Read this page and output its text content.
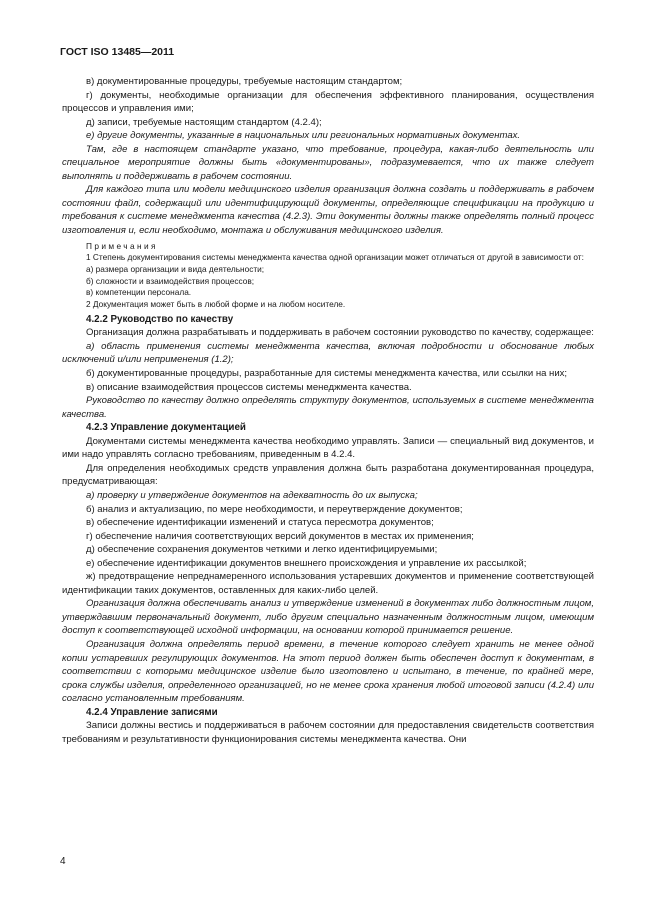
ГОСТ ISO 13485—2011

в) документированные процедуры, требуемые настоящим стандартом;

г) документы, необходимые организации для обеспечения эффективного планирования, осуществления процессов и управления ими;

д) записи, требуемые настоящим стандартом (4.2.4);

е) другие документы, указанные в национальных или региональных нормативных документах.

Там, где в настоящем стандарте указано, что требование, процедура, какая-либо деятельность или специальное мероприятие должны быть «документированы», подразумевается, что их также следует выполнять и поддерживать в рабочем состоянии.

Для каждого типа или модели медицинского изделия организация должна создать и поддерживать в рабочем состоянии файл, содержащий или идентифицирующий документы, определяющие спецификации на продукцию и требования к системе менеджмента качества (4.2.3). Эти документы должны также определять полный процесс изготовления и, если необходимо, монтажа и обслуживания медицинского изделия.

Примечания

1 Степень документирования системы менеджмента качества одной организации может отличаться от другой в зависимости от:

а) размера организации и вида деятельности;

б) сложности и взаимодействия процессов;

в) компетенции персонала.

2 Документация может быть в любой форме и на любом носителе.

4.2.2 Руководство по качеству

Организация должна разрабатывать и поддерживать в рабочем состоянии руководство по качеству, содержащее:

а) область применения системы менеджмента качества, включая подробности и обоснование любых исключений и/или неприменения (1.2);

б) документированные процедуры, разработанные для системы менеджмента качества, или ссылки на них;

в) описание взаимодействия процессов системы менеджмента качества.

Руководство по качеству должно определять структуру документов, используемых в системе менеджмента качества.

4.2.3 Управление документацией

Документами системы менеджмента качества необходимо управлять. Записи — специальный вид документов, и ими надо управлять согласно требованиям, приведенным в 4.2.4.

Для определения необходимых средств управления должна быть разработана документированная процедура, предусматривающая:

а) проверку и утверждение документов на адекватность до их выпуска;

б) анализ и актуализацию, по мере необходимости, и переутверждение документов;

в) обеспечение идентификации изменений и статуса пересмотра документов;

г) обеспечение наличия соответствующих версий документов в местах их применения;

д) обеспечение сохранения документов четкими и легко идентифицируемыми;

е) обеспечение идентификации документов внешнего происхождения и управление их рассылкой;

ж) предотвращение непреднамеренного использования устаревших документов и применение соответствующей идентификации таких документов, оставленных для каких-либо целей.

Организация должна обеспечивать анализ и утверждение изменений в документах либо должностным лицом, утверждавшим первоначальный документ, либо другим специально назначенным должностным лицом, имеющим доступ к соответствующей исходной информации, на основании которой принимается решение.

Организация должна определять период времени, в течение которого следует хранить не менее одной копии устаревших регулирующих документов. На этот период должен быть обеспечен доступ к документам, в соответствии с которыми медицинское изделие было изготовлено и испытано, в течение, по крайней мере, срока службы изделия, определенного организацией, но не менее срока хранения любой итоговой записи (4.2.4) или согласно установленным требованиям.

4.2.4 Управление записями

Записи должны вестись и поддерживаться в рабочем состоянии для предоставления свидетельств соответствия требованиям и результативности функционирования системы менеджмента качества. Они

4
